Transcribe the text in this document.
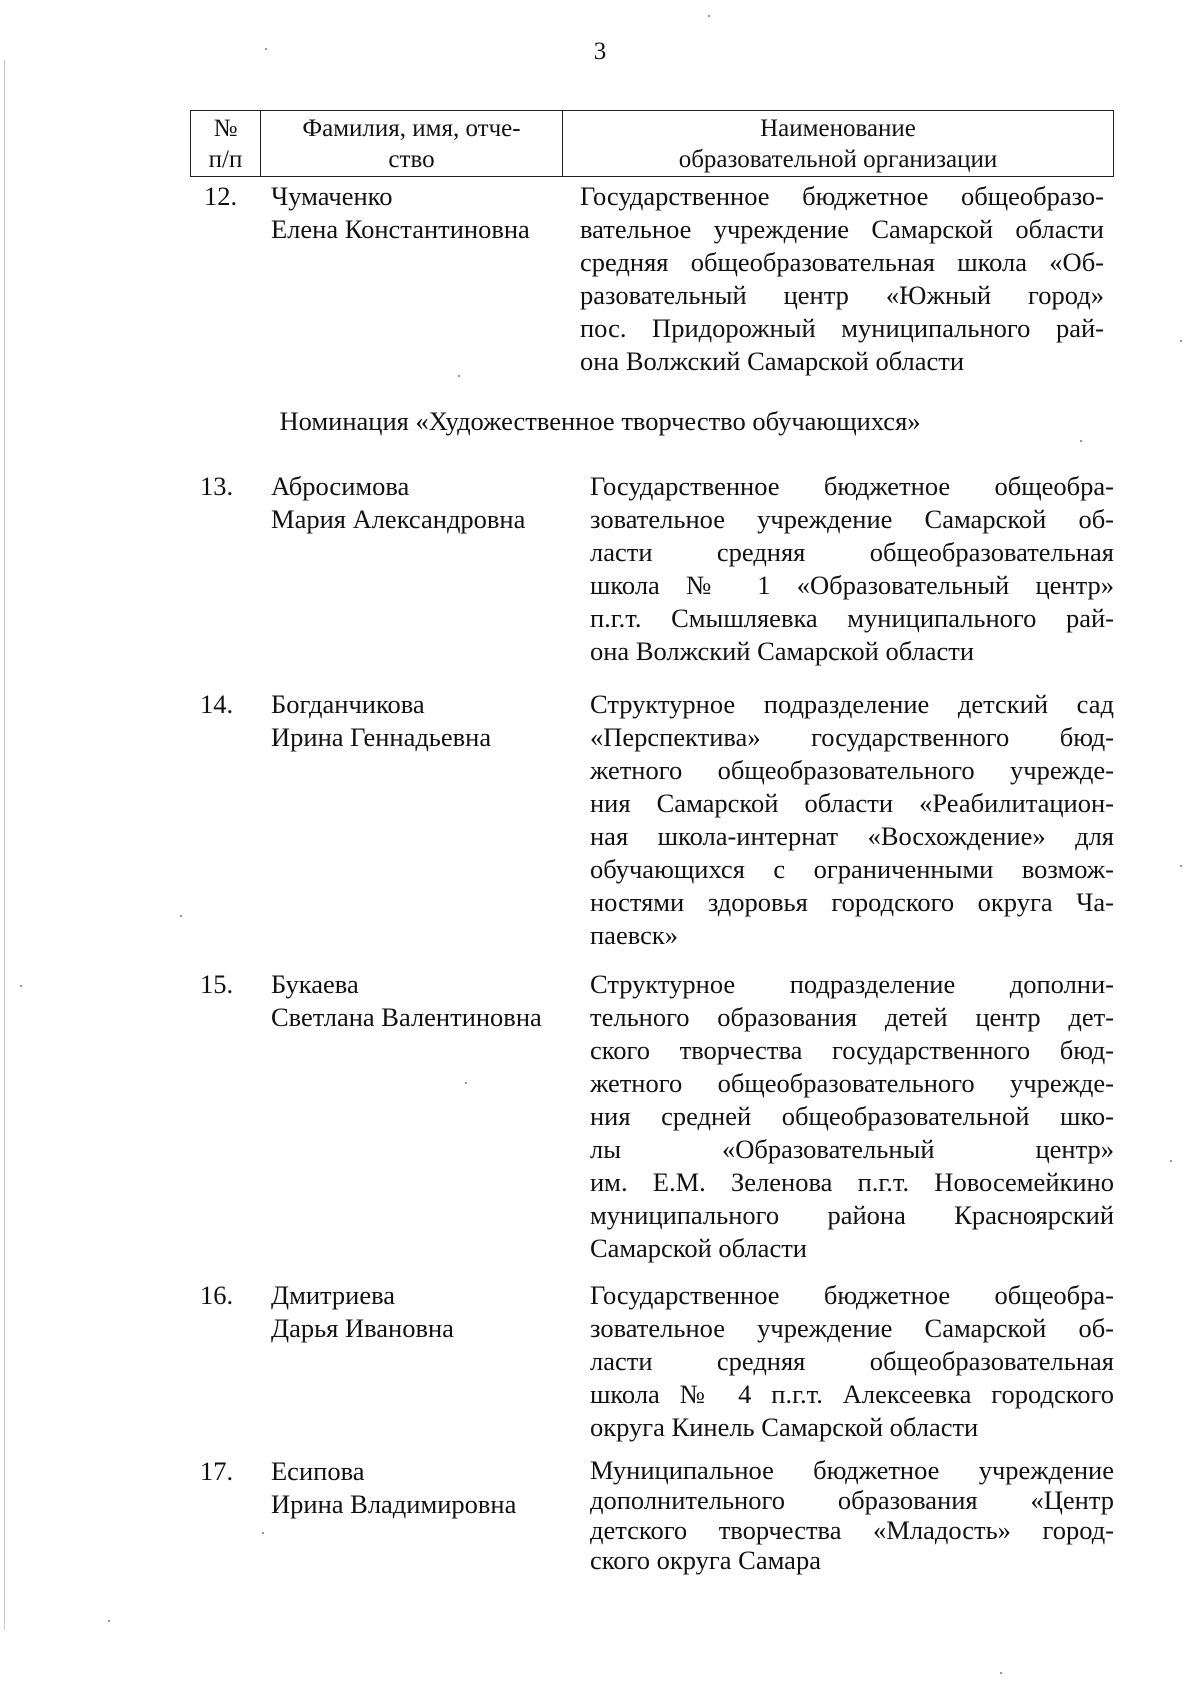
3
№
п/п
Фамилия, имя, отче-
ство
Наименование
образовательной организации
12. Чумаченко
Елена Константиновна
Государственное бюджетное общеобразо-
вательное учреждение Самарской области
средняя общеобразовательная школа «Об-
разовательный центр «Южный город»
пос. Придорожный муниципального рай-
она Волжский Самарской области
Номинация «Художественное творчество обучающихся»
13. Абросимова
Мария Александровна
Государственное бюджетное общеобра-
зовательное учреждение Самарской об-
ласти средняя общеобразовательная
школа № 1 «Образовательный центр»
п.г.т. Смышляевка муниципального рай-
она Волжский Самарской области
14. Богданчикова
Ирина Геннадьевна
Структурное подразделение детский сад
«Перспектива» государственного бюд-
жетного общеобразовательного учрежде-
ния Самарской области «Реабилитацион-
ная школа-интернат «Восхождение» для
обучающихся с ограниченными возмож-
ностями здоровья городского округа Ча-
паевск»
15. Букаева
Светлана Валентиновна
Структурное подразделение дополни-
тельного образования детей центр дет-
ского творчества государственного бюд-
жетного общеобразовательного учрежде-
ния средней общеобразовательной шко-
лы «Образовательный центр»
им. Е.М. Зеленова п.г.т. Новосемейкино
муниципального района Красноярский
Самарской области
16. Дмитриева
Дарья Ивановна
Государственное бюджетное общеобра-
зовательное учреждение Самарской об-
ласти средняя общеобразовательная
школа № 4 п.г.т. Алексеевка городского
округа Кинель Самарской области
17. Есипова
Ирина Владимировна
Муниципальное бюджетное учреждение
дополнительного образования «Центр
детского творчества «Младость» город-
ского округа Самара
